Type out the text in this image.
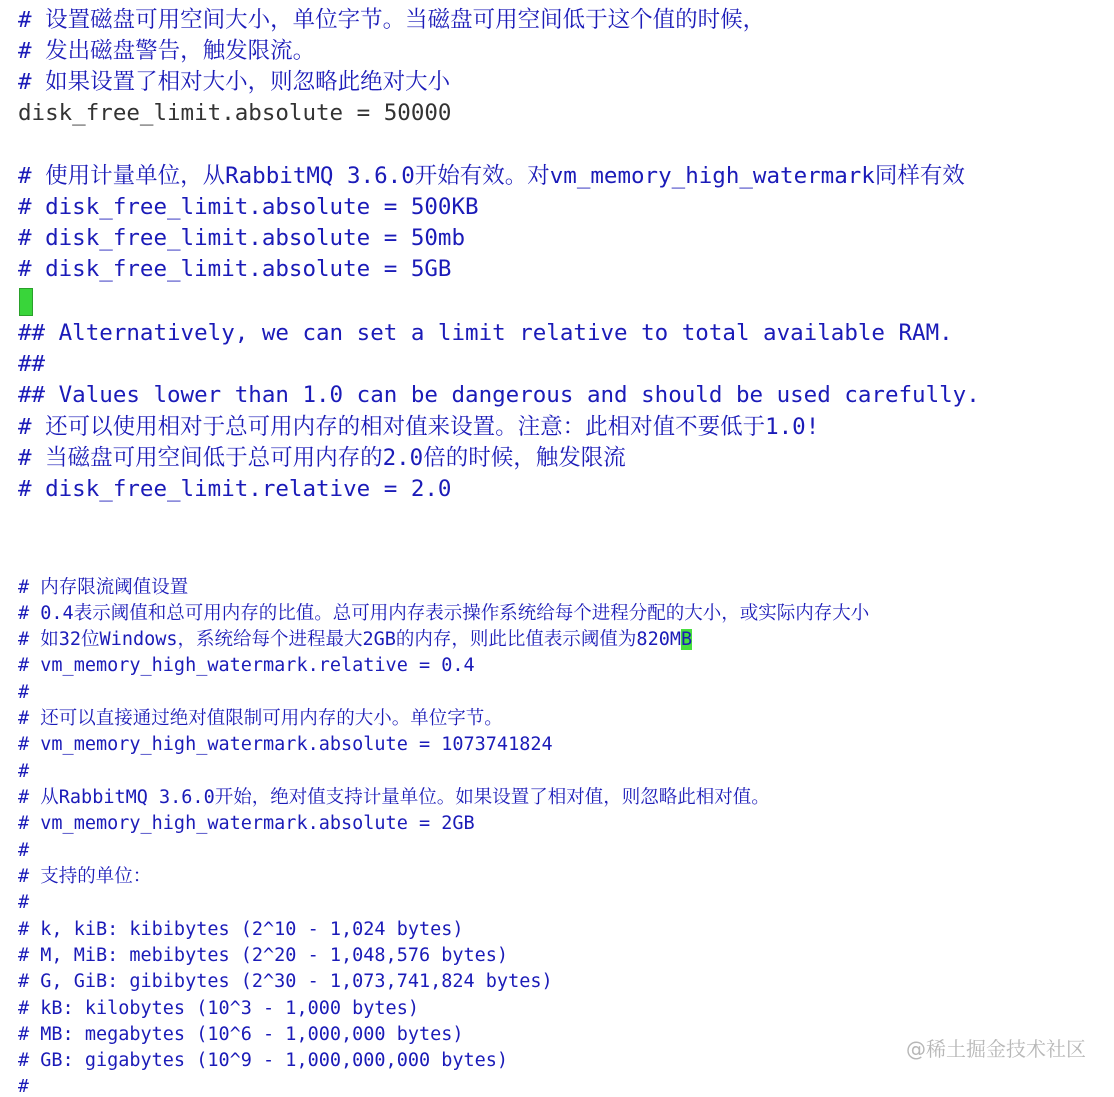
# 设置磁盘可用空间大小，单位字节。当磁盘可用空间低于这个值的时候，
# 发出磁盘警告，触发限流。
# 如果设置了相对大小，则忽略此绝对大小
disk_free_limit.absolute = 50000
# 使用计量单位，从RabbitMQ 3.6.0开始有效。对vm_memory_high_watermark同样有效
# disk_free_limit.absolute = 500KB
# disk_free_limit.absolute = 50mb
# disk_free_limit.absolute = 5GB
## Alternatively, we can set a limit relative to total available RAM.
##
## Values lower than 1.0 can be dangerous and should be used carefully.
# 还可以使用相对于总可用内存的相对值来设置。注意：此相对值不要低于1.0!
# 当磁盘可用空间低于总可用内存的2.0倍的时候，触发限流
# disk_free_limit.relative = 2.0
# 内存限流阈值设置
# 0.4表示阈值和总可用内存的比值。总可用内存表示操作系统给每个进程分配的大小，或实际内存大小
# 如32位Windows，系统给每个进程最大2GB的内存，则此比值表示阈值为820MB
# vm_memory_high_watermark.relative = 0.4
#
# 还可以直接通过绝对值限制可用内存的大小。单位字节。
# vm_memory_high_watermark.absolute = 1073741824
#
# 从RabbitMQ 3.6.0开始，绝对值支持计量单位。如果设置了相对值，则忽略此相对值。
# vm_memory_high_watermark.absolute = 2GB
#
# 支持的单位：
#
# k, kiB: kibibytes (2^10 - 1,024 bytes)
# M, MiB: mebibytes (2^20 - 1,048,576 bytes)
# G, GiB: gibibytes (2^30 - 1,073,741,824 bytes)
# kB: kilobytes (10^3 - 1,000 bytes)
# MB: megabytes (10^6 - 1,000,000 bytes)
# GB: gigabytes (10^9 - 1,000,000,000 bytes)
#
@稀土掘金技术社区
